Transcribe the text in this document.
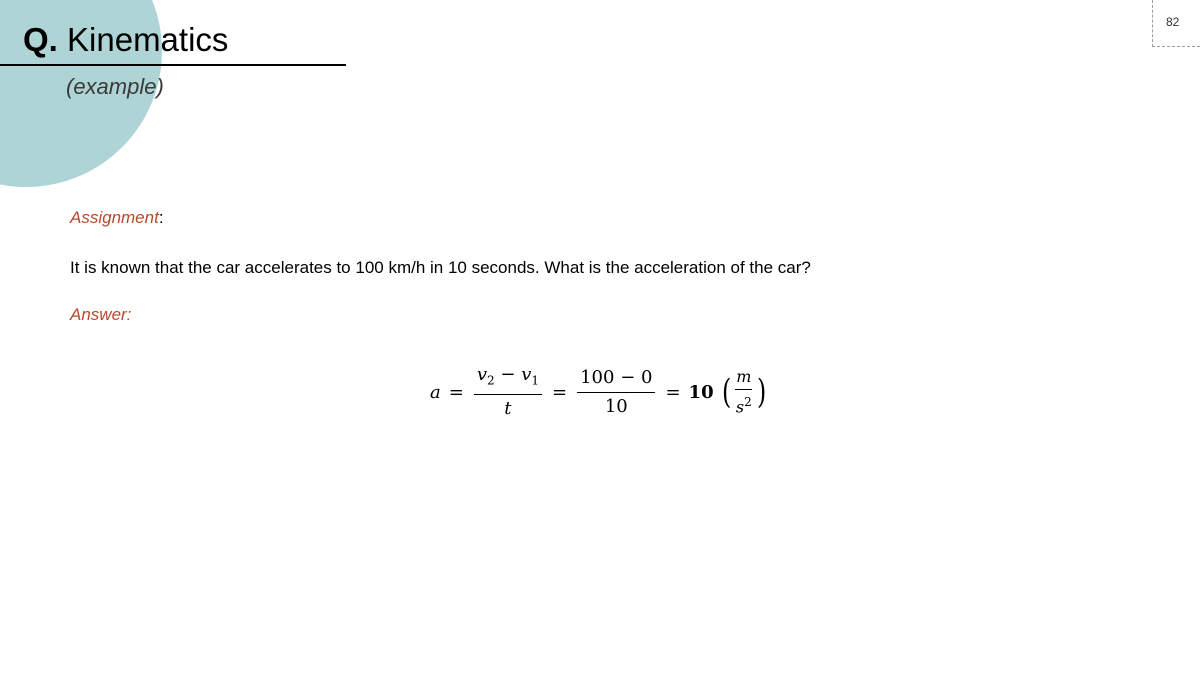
Q. Kinematics
(example)
82
Assignment:
It is known that the car accelerates to 100 km/h in 10 seconds. What is the acceleration of the car?
Answer:
$a = \frac{v_2 - v_1}{t} = \frac{100 - 0}{10} = 10$ ( $\frac{m}{s^2}$ )
